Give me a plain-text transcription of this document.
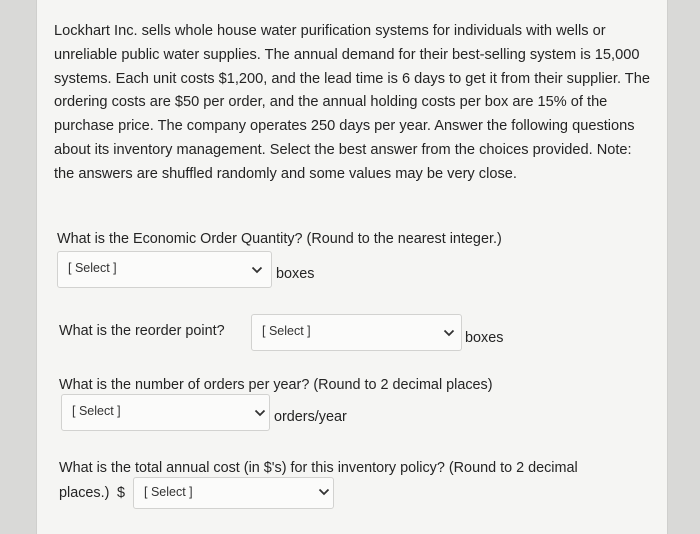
Lockhart Inc. sells whole house water purification systems for individuals with wells or unreliable public water supplies. The annual demand for their best-selling system is 15,000 systems. Each unit costs $1,200, and the lead time is 6 days to get it from their supplier. The ordering costs are $50 per order, and the annual holding costs per box are 15% of the purchase price. The company operates 250 days per year. Answer the following questions about its inventory management. Select the best answer from the choices provided. Note: the answers are shuffled randomly and some values may be very close.
What is the Economic Order Quantity? (Round to the nearest integer.)
[ Select ]	boxes
What is the reorder point?	[ Select ]	boxes
What is the number of orders per year? (Round to 2 decimal places)
[ Select ]	orders/year
What is the total annual cost (in $'s) for this inventory policy? (Round to 2 decimal
places.) $ [ Select ]
